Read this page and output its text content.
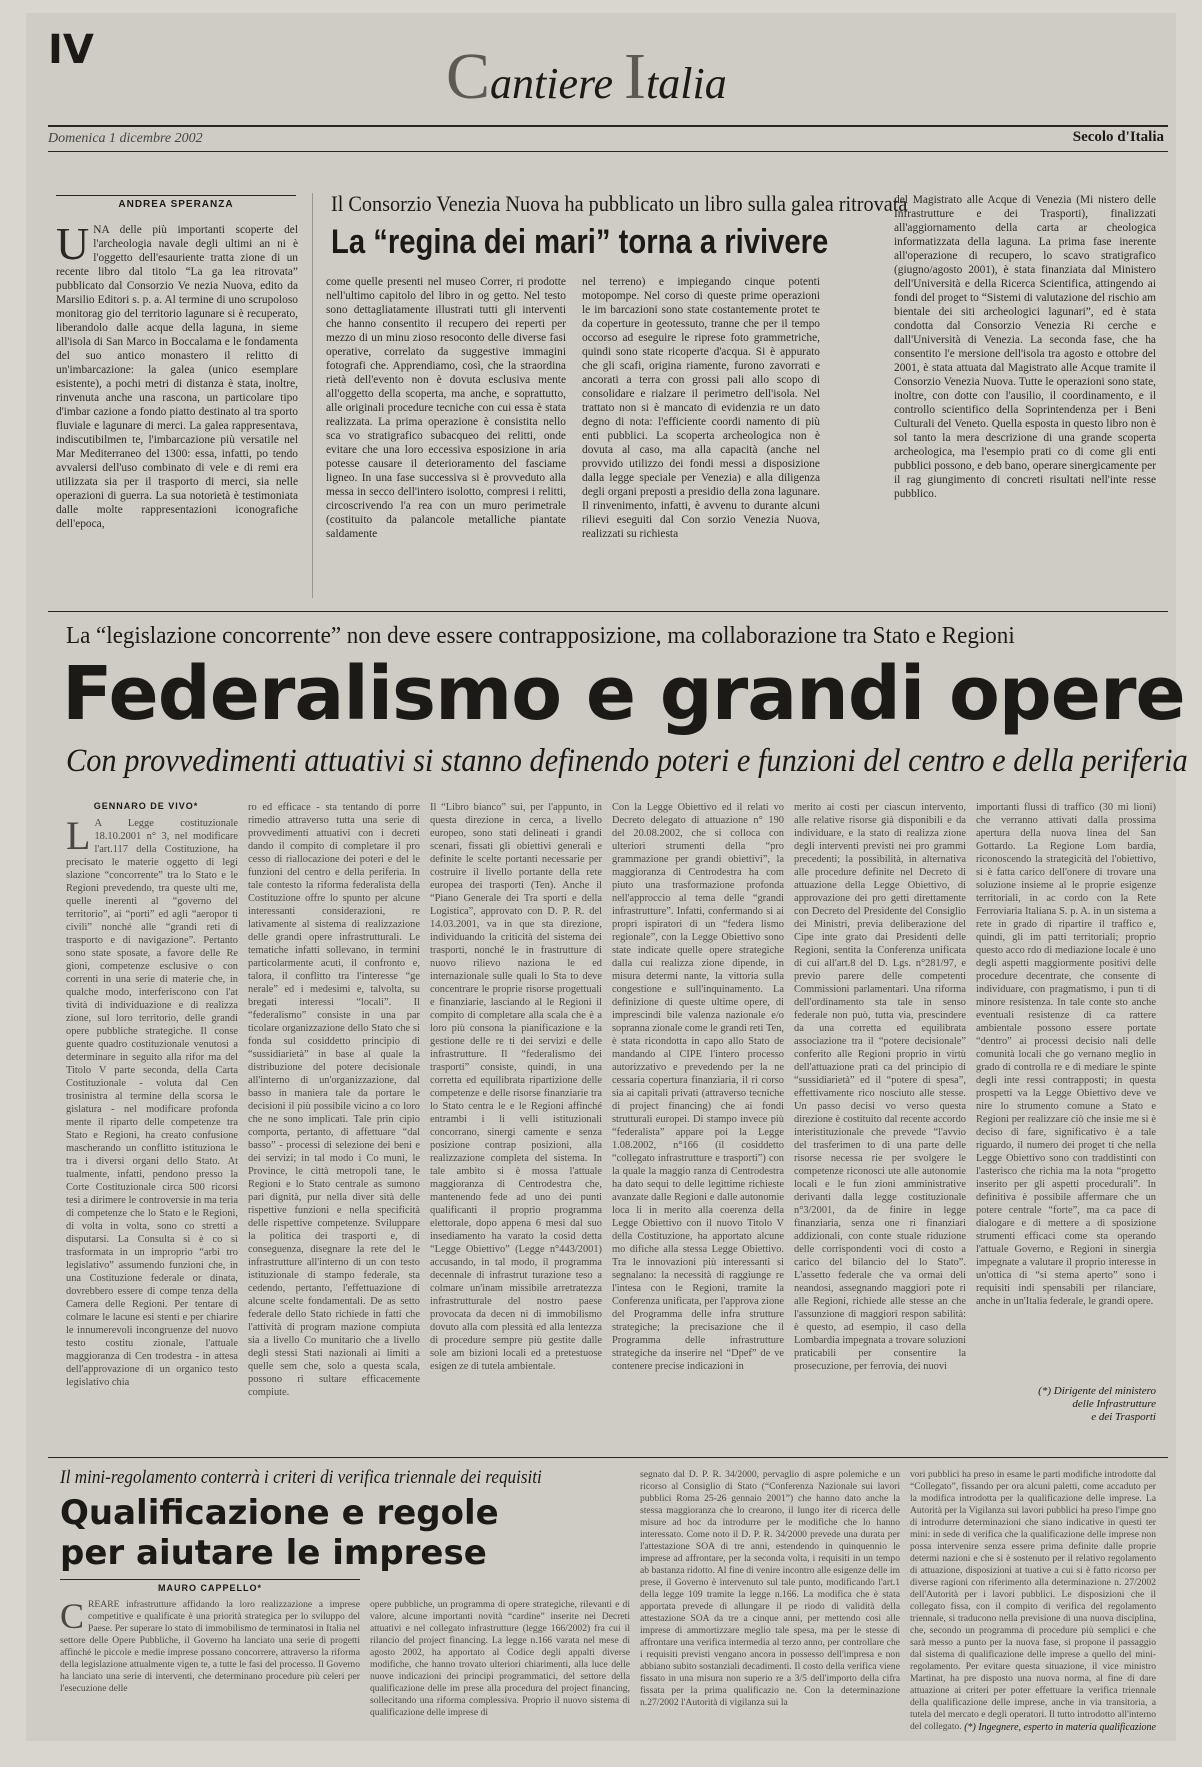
IV	Cantiere Italia
Domenica 1 dicembre 2002	Secolo d'Italia
ANDREA SPERANZA	Il Consorzio Venezia Nuova ha pubblicato un libro sulla galea ritrovata
La “regina dei mari” torna a rivivere
UNA delle più importanti scoperte del l'archeologia navale degli ultimi an ni è l'oggetto dell'esauriente tratta zione di un recente libro dal titolo “La ga lea ritrovata” pubblicato dal Consorzio Ve nezia Nuova, edito da Marsilio Editori s. p. a. Al termine di uno scrupoloso monitorag gio del territorio lagunare si è recuperato, liberandolo dalle acque della laguna, in sieme all'isola di San Marco in Boccalama e le fondamenta del suo antico monastero il relitto di un'imbarcazione: la galea (unico esemplare esistente), a pochi metri di distanza è stata, inoltre, rinvenuta anche una rascona, un particolare tipo d'imbar cazione a fondo piatto destinato al tra sporto fluviale e lagunare di merci. La galea rappresentava, indiscutibilmen te, l'imbarcazione più versatile nel Mar Mediterraneo del 1300: essa, infatti, po tendo avvalersi dell'uso combinato di vele e di remi era utilizzata sia per il trasporto di merci, sia nelle operazioni di guerra. La sua notorietà è testimoniata dalle molte rappresentazioni iconografiche dell'epoca,
come quelle presenti nel museo Correr, ri prodotte nell'ultimo capitolo del libro in og getto. Nel testo sono dettagliatamente illustrati tutti gli interventi che hanno consentito il recupero dei reperti per mezzo di un minu zioso resoconto delle diverse fasi operative, correlato da suggestive immagini fotografi che. Apprendiamo, così, che la straordina rietà dell'evento non è dovuta esclusiva mente all'oggetto della scoperta, ma anche, e soprattutto, alle originali procedure tecniche con cui essa è stata realizzata. La prima operazione è consistita nello sca vo stratigrafico subacqueo dei relitti, onde evitare che una loro eccessiva esposizione in aria potesse causare il deterioramento del fasciame ligneo. In una fase successiva si è provveduto alla messa in secco dell'intero isolotto, compresi i relitti, circoscrivendo l'a rea con un muro perimetrale (costituito da palancole metalliche piantate saldamente
nel terreno) e impiegando cinque potenti motopompe. Nel corso di queste prime operazioni le im barcazioni sono state costantemente protet te da coperture in geotessuto, tranne che per il tempo occorso ad eseguire le riprese foto grammetriche, quindi sono state ricoperte d'acqua. Si è appurato che gli scafi, origina riamente, furono zavorrati e ancorati a terra con grossi pali allo scopo di consolidare e rialzare il perimetro dell'isola. Nel trattato non si è mancato di evidenzia re un dato degno di nota: l'efficiente coordi namento di più enti pubblici. La scoperta archeologica non è dovuta al caso, ma alla capacità (anche nel provvido utilizzo dei fondi messi a disposizione dalla legge speciale per Venezia) e alla diligenza degli organi preposti a presidio della zona lagunare. Il rinvenimento, infatti, è avvenu to durante alcuni rilievi eseguiti dal Con sorzio Venezia Nuova, realizzati su richiesta
del Magistrato alle Acque di Venezia (Mi nistero delle Infrastrutture e dei Trasporti), finalizzati all'aggiornamento della carta ar cheologica informatizzata della laguna. La prima fase inerente all'operazione di recupero, lo scavo stratigrafico (giugno/agosto 2001), è stata finanziata dal Ministero dell'Università e della Ricerca Scientifica, attingendo ai fondi del proget to “Sistemi di valutazione del rischio am bientale dei siti archeologici lagunari”, ed è stata condotta dal Consorzio Venezia Ri cerche e dall'Università di Venezia. La seconda fase, che ha consentito l'e mersione dell'isola tra agosto e ottobre del 2001, è stata attuata dal Magistrato alle Acque tramite il Consorzio Venezia Nuova. Tutte le operazioni sono state, inoltre, con dotte con l'ausilio, il coordinamento, e il controllo scientifico della Soprintendenza per i Beni Culturali del Veneto. Quella esposta in questo libro non è sol tanto la mera descrizione di una grande scoperta archeologica, ma l'esempio prati co di come gli enti pubblici possono, e deb bano, operare sinergicamente per il rag giungimento di concreti risultati nell'inte resse pubblico.
La “legislazione concorrente” non deve essere contrapposizione, ma collaborazione tra Stato e Regioni
Federalismo e grandi opere
Con provvedimenti attuativi si stanno definendo poteri e funzioni del centro e della periferia
GENNARO DE VIVO*
L A Legge costituzionale 18.10.2001 n° 3, nel modificare l'art.117 della Costituzione, ha precisato le materie oggetto di legi slazione “concorrente” tra lo Stato e le Regioni prevedendo, tra queste ulti me, quelle inerenti al “governo del territorio”, ai “porti” ed agli “aeropor ti civili” nonché alle “grandi reti di trasporto e di navigazione”. Pertanto sono state sposate, a favore delle Re gioni, competenze esclusive o con correnti in una serie di materie che, in qualche modo, interferiscono con l'at tività di individuazione e di realizza zione, sul loro territorio, delle grandi opere pubbliche strategiche. Il conse guente quadro costituzionale venutosi a determinare in seguito alla rifor ma del Titolo V parte seconda, della Carta Costituzionale - voluta dal Cen trosinistra al termine della scorsa le gislatura - nel modificare profonda mente il riparto delle competenze tra Stato e Regioni, ha creato confusione mascherando un conflitto istituziona le tra i diversi organi dello Stato. At tualmente, infatti, pendono presso la Corte Costituzionale circa 500 ricorsi tesi a dirimere le controversie in ma teria di competenze che lo Stato e le Regioni, di volta in volta, sono co stretti a disputarsi. La Consulta si è co sì trasformata in un improprio “arbi tro legislativo” assumendo funzioni che, in una Costituzione federale or dinata, dovrebbero essere di compe tenza della Camera delle Regioni. Per tentare di colmare le lacune esi stenti e per chiarire le innumerevoli incongruenze del nuovo testo costitu zionale, l'attuale maggioranza di Cen trodestra - in attesa dell'approvazione di un organico testo legislativo chia
ro ed efficace - sta tentando di porre rimedio attraverso tutta una serie di provvedimenti attuativi con i decreti dando il compito di completare il pro cesso di riallocazione dei poteri e del le funzioni del centro e della periferia. In tale contesto la riforma federalista della Costituzione offre lo spunto per alcune interessanti considerazioni, re lativamente al sistema di realizzazione delle grandi opere infrastrutturali. Le tematiche infatti sollevano, in termini particolarmente acuti, il confronto e, talora, il conflitto tra l'interesse “ge nerale” ed i medesimi e, talvolta, su bregati interessi “locali”. Il “federalismo” consiste in una par ticolare organizzazione dello Stato che si fonda sul cosiddetto principio di “sussidiarietà” in base al quale la distribuzione del potere decisionale all'interno di un'organizzazione, dal basso in maniera tale da portare le decisioni il più possibile vicino a co loro che ne sono implicati. Tale prin cipio comporta, pertanto, di affettuare “dal basso” - processi di selezione dei beni e dei servizi; in tal modo i Co muni, le Province, le città metropoli tane, le Regioni e lo Stato centrale as sumono pari dignità, pur nella diver sità delle rispettive funzioni e nella specificità delle rispettive competenze. Sviluppare la politica dei trasporti e, di conseguenza, disegnare la rete del le infrastrutture all'interno di un con testo istituzionale di stampo federale, sta cedendo, pertanto, l'effettuazione di alcune scelte fondamentali. De as setto federale dello Stato richiede in fatti che l'attività di program mazione compiuta sia a livello Co munitario che a livello degli stessi Stati nazionali ai limiti a quelle sem che, solo a questa scala, possono ri sultare efficacemente compiute.
Il “Libro bianco” sui, per l'appunto, in questa direzione in cerca, a livello europeo, sono stati delineati i grandi scenari, fissati gli obiettivi generali e definite le scelte portanti necessarie per costruire il livello portante della rete europea dei trasporti (Ten). Anche il “Piano Generale dei Tra sporti e della Logistica”, approvato con D. P. R. del 14.03.2001, va in que sta direzione, individuando la criticità del sistema dei trasporti, nonché le in frastrutture di nuovo rilievo naziona le ed internazionale sulle quali lo Sta to deve concentrare le proprie risorse progettuali e finanziarie, lasciando al le Regioni il compito di completare alla scala che è a loro più consona la pianificazione e la gestione delle re ti dei servizi e delle infrastrutture. Il “federalismo dei trasporti” consiste, quindi, in una corretta ed equilibrata ripartizione delle competenze e delle risorse finanziarie tra lo Stato centra le e le Regioni affinché entrambi i li velli istituzionali concorrano, sinergi camente e senza posizione contrap posizioni, alla realizzazione completa del sistema. In tale ambito si è mossa l'attuale maggioranza di Centrodestra che, mantenendo fede ad uno dei punti qualificanti il proprio programma elettorale, dopo appena 6 mesi dal suo insediamento ha varato la cosid detta “Legge Obiettivo” (Legge n°443/2001) accusando, in tal modo, il programma decennale di infrastrut turazione teso a colmare un'inam missibile arretratezza infrastrutturale del nostro paese provocata da decen ni di immobilismo dovuto alla com plessità ed alla lentezza di procedure sempre più gestite dalle sole am bizioni locali ed a pretestuose esigen ze di tutela ambientale.
Con la Legge Obiettivo ed il relati vo Decreto delegato di attuazione n° 190 del 20.08.2002, che si colloca con ulteriori strumenti della “pro grammazione per grandi obiettivi”, la maggioranza di Centrodestra ha com piuto una trasformazione profonda nell'approccio al tema delle “grandi infrastrutture”. Infatti, confermando si ai propri ispiratori di un “federa lismo regionale”, con la Legge Obiettivo sono state indicate quelle opere strategiche dalla cui realizza zione dipende, in misura determi nante, la vittoria sulla congestione e sull'inquinamento. La definizione di queste ultime opere, di imprescindi bile valenza nazionale e/o sopranna zionale come le grandi reti Ten, è stata ricondotta in capo allo Stato de mandando al CIPE l'intero processo autorizzativo e prevedendo per la ne cessaria copertura finanziaria, il ri corso sia ai capitali privati (attraverso tecniche di project financing) che ai fondi strutturali europei. Di stampo invece più “federalista” appare poi la Legge 1.08.2002, n°166 (il cosiddetto “collegato infrastrutture e trasporti”) con la quale la maggio ranza di Centrodestra ha dato sequi to delle legittime richieste avanzate dalle Regioni e dalle autonomie loca li in merito alla coerenza della Legge Obiettivo con il nuovo Titolo V della Costituzione, ha apportato alcune mo difiche alla stessa Legge Obiettivo. Tra le innovazioni più interessanti si segnalano: la necessità di raggiunge re l'intesa con le Regioni, tramite la Conferenza unificata, per l'approva zione del Programma delle infra strutture strategiche; la precisazione che il Programma delle infrastrutture strategiche da inserire nel “Dpef” de ve contenere precise indicazioni in
merito ai costi per ciascun intervento, alle relative risorse già disponibili e da individuare, e la stato di realizza zione degli interventi previsti nei pro grammi precedenti; la possibilità, in alternativa alle procedure definite nel Decreto di attuazione della Legge Obiettivo, di approvazione dei pro getti direttamente con Decreto del Presidente del Consiglio dei Ministri, previa deliberazione del Cipe inte grato dai Presidenti delle Regioni, sentita la Conferenza unificata di cui all'art.8 del D. Lgs. n°281/97, e previo parere delle competenti Commissioni parlamentari. Una riforma dell'ordinamento sta tale in senso federale non può, tutta via, prescindere da una corretta ed equilibrata associazione tra il “potere decisionale” conferito alle Regioni proprio in virtù dell'attuazione prati ca del principio di “sussidiarietà” ed il “potere di spesa”, effettivamente rico nosciuto alle stesse. Un passo decisi vo verso questa direzione è costituito dal recente accordo interistituzionale che prevede “l'avvio del trasferimen to di una parte delle risorse necessa rie per svolgere le competenze riconosci ute alle autonomie locali e le fun zioni amministrative derivanti dalla legge costituzionale n°3/2001, da de finire in legge finanziaria, senza one ri finanziari addizionali, con conte stuale riduzione delle corrispondenti voci di costo a carico del bilancio del lo Stato”. L'assetto federale che va ormai deli neandosi, assegnando maggiori pote ri alle Regioni, richiede alle stesse an che l'assunzione di maggiori respon sabilità: è questo, ad esempio, il caso della Lombardia impegnata a trovare soluzioni praticabili per consentire la prosecuzione, per ferrovia, dei nuovi
importanti flussi di traffico (30 mi lioni) che verranno attivati dalla prossima apertura della nuova linea del San Gottardo. La Regione Lom bardia, riconoscendo la strategicità del l'obiettivo, si è fatta carico dell'onere di trovare una soluzione insieme al le proprie esigenze territoriali, in ac cordo con la Rete Ferroviaria Italiana S. p. A. in un sistema a rete in grado di ripartire il traffico e, quindi, gli im patti territoriali; proprio questo acco rdo di mediazione locale è uno degli aspetti maggiormente positivi delle procedure decentrate, che consente di individuare, con pragmatismo, i pun ti di minore resistenza. In tale conte sto anche eventuali resistenze di ca rattere ambientale possono essere portate “dentro” ai processi decisio nali delle comunità locali che go vernano meglio in grado di controlla re e di mediare le spinte degli inte ressi contrapposti; in questa prospetti va la Legge Obiettivo deve ve nire lo strumento comune a Stato e Regioni per realizzare ciò che insie me si è deciso di fare, significativo è a tale riguardo, il numero dei proget ti che nella Legge Obiettivo sono con traddistinti con l'asterisco che richia ma la nota “progetto inserito per gli aspetti procedurali”. In definitiva è possibile affermare che un potere centrale “forte”, ma ca pace di dialogare e di mettere a di sposizione strumenti efficaci come sta operando l'attuale Governo, e Regioni in sinergia impegnate a valutare il proprio interesse in un'ottica di “si stema aperto” sono i requisiti indi spensabili per rilanciare, anche in un'Italia federale, le grandi opere.
(*) Dirigente del ministero
delle Infrastrutture
e dei Trasporti
Il mini-regolamento conterrà i criteri di verifica triennale dei requisiti
Qualificazione e regole
per aiutare le imprese
MAURO CAPPELLO*
CREARE infrastrutture affidando la loro realizzazione a imprese competitive e qualificate è una priorità strategica per lo sviluppo del Paese. Per superare lo stato di immobilismo de terminatosi in Italia nel settore delle Opere Pubbliche, il Governo ha lanciato una serie di progetti affinché le piccole e medie imprese possano concorrere, attraverso la riforma della legislazione attualmente vigen te, a tutte le fasi del processo. Il Governo ha lanciato una serie di interventi, che determinano procedure più celeri per l'esecuzione delle
opere pubbliche, un programma di opere strategiche, rilevanti e di valore, alcune importanti novità “cardine” inserite nei Decreti attuativi e nel collegato infrastrutture (legge 166/2002) fra cui il rilancio del project financing. La legge n.166 varata nel mese di agosto 2002, ha apportato al Codice degli appalti diverse modifiche, che hanno trovato ulteriori chiarimenti, alla luce delle nuove indicazioni dei principi programmatici, del settore della qualificazione delle im prese alla procedura del project financing, sollecitando una riforma complessiva. Proprio il nuovo sistema di qualificazione delle imprese di
segnato dal D. P. R. 34/2000, pervaglio di aspre polemiche e un ricorso al Consiglio di Stato (“Conferenza Nazionale sui lavori pubblici Roma 25-26 gennaio 2001”) che hanno dato anche la stessa maggioranza che lo crearono, il lungo iter di ricerca delle misure ad hoc da introdurre per le modifiche che lo hanno interessato. Come noto il D. P. R. 34/2000 prevede una durata per l'attestazione SOA di tre anni, estendendo in quinquennio le imprese ad affrontare, per la seconda volta, i requisiti in un tempo ab bastanza ridotto. Al fine di venire incontro alle esigenze delle im prese, il Governo è intervenuto sul tale punto, modificando l'art.1 della legge 109 tramite la legge n.166. La modifica che è stata apportata prevede di allungare il pe riodo di validità della attestazione SOA da tre a cinque anni, per mettendo così alle imprese di ammortizzare meglio tale spesa, ma per le stesse di affrontare una verifica intermedia al terzo anno, per controllare che i requisiti previsti vengano ancora in possesso dell'impresa e non abbiano subito sostanziali decadimenti. Il costo della verifica viene fissato in una misura non superio re a 3/5 dell'importo della cifra fissata per la prima qualificazio ne. Con la determinazione n.27/2002 l'Autorità di vigilanza sui la
vori pubblici ha preso in esame le parti modifiche introdotte dal “Collegato”, fissando per ora alcuni paletti, come accaduto per la modifica introdotta per la qualificazione delle imprese. La Autorità per la Vigilanza sui lavori pubblici ha preso l'impe gno di introdurre determinazioni che siano indicative in questi ter mini: in sede di verifica che la qualificazione delle imprese non possa intervenire senza essere prima definite dalle proprie determi nazioni e che si è sostenuto per il relativo regolamento di attuazione, disposizioni at tuative a cui si è fatto ricorso per diverse ragioni con riferimento alla determinazione n. 27/2002 dell'Autorità per i lavori pubblici. Le disposizioni che il collegato fissa, con il compito di verifica del regolamento triennale, si traducono nella previsione di una nuova disciplina, che, secondo un programma di procedure più semplici e che sarà messo a punto per la nuova fase, si propone il passaggio dal sistema di qualificazione delle imprese a quello del mini-regolamento. Per evitare questa situazione, il vice ministro Martinat, ha pre disposto una nuova norma, al fine di dare attuazione ai criteri per poter effettuare la verifica triennale della qualificazione delle imprese, anche in via transitoria, a tutela del mercato e degli operatori. Il tutto introdotto all'interno del collegato. (*) Ingegnere, esperto in materia qualificazione
